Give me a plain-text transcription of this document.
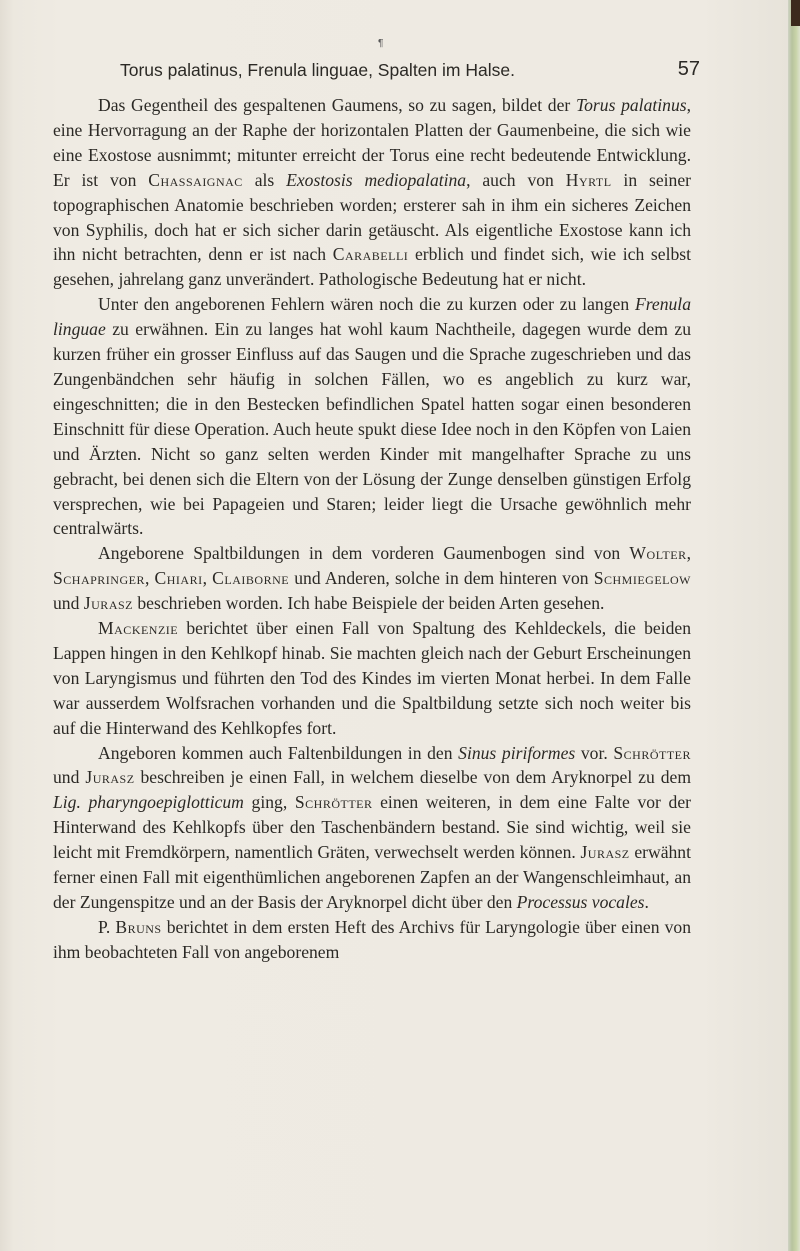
¶
Torus palatinus, Frenula linguae, Spalten im Halse.	57

Das Gegentheil des gespaltenen Gaumens, so zu sagen, bildet der Torus palatinus, eine Hervorragung an der Raphe der horizontalen Platten der Gaumenbeine, die sich wie eine Exostose ausnimmt; mitunter erreicht der Torus eine recht bedeutende Entwicklung. Er ist von Chassaignac als Exostosis mediopalatina, auch von Hyrtl in seiner topographischen Anatomie beschrieben worden; ersterer sah in ihm ein sicheres Zeichen von Syphilis, doch hat er sich sicher darin getäuscht. Als eigentliche Exostose kann ich ihn nicht betrachten, denn er ist nach Carabelli erblich und findet sich, wie ich selbst gesehen, jahrelang ganz unverändert. Pathologische Bedeutung hat er nicht.

Unter den angeborenen Fehlern wären noch die zu kurzen oder zu langen Frenula linguae zu erwähnen. Ein zu langes hat wohl kaum Nachtheile, dagegen wurde dem zu kurzen früher ein grosser Einfluss auf das Saugen und die Sprache zugeschrieben und das Zungenbändchen sehr häufig in solchen Fällen, wo es angeblich zu kurz war, eingeschnitten; die in den Bestecken befindlichen Spatel hatten sogar einen besonderen Einschnitt für diese Operation. Auch heute spukt diese Idee noch in den Köpfen von Laien und Ärzten. Nicht so ganz selten werden Kinder mit mangelhafter Sprache zu uns gebracht, bei denen sich die Eltern von der Lösung der Zunge denselben günstigen Erfolg versprechen, wie bei Papageien und Staren; leider liegt die Ursache gewöhnlich mehr centralwärts.

Angeborene Spaltbildungen in dem vorderen Gaumenbogen sind von Wolter, Schapringer, Chiari, Claiborne und Anderen, solche in dem hinteren von Schmiegelow und Jurasz beschrieben worden. Ich habe Beispiele der beiden Arten gesehen.

Mackenzie berichtet über einen Fall von Spaltung des Kehldeckels, die beiden Lappen hingen in den Kehlkopf hinab. Sie machten gleich nach der Geburt Erscheinungen von Laryngismus und führten den Tod des Kindes im vierten Monat herbei. In dem Falle war ausserdem Wolfsrachen vorhanden und die Spaltbildung setzte sich noch weiter bis auf die Hinterwand des Kehlkopfes fort.

Angeboren kommen auch Faltenbildungen in den Sinus piriformes vor. Schrötter und Jurasz beschreiben je einen Fall, in welchem dieselbe von dem Aryknorpel zu dem Lig. pharyngoepiglotticum ging, Schrötter einen weiteren, in dem eine Falte vor der Hinterwand des Kehlkopfs über den Taschenbändern bestand. Sie sind wichtig, weil sie leicht mit Fremdkörpern, namentlich Gräten, verwechselt werden können. Jurasz erwähnt ferner einen Fall mit eigenthümlichen angeborenen Zapfen an der Wangenschleimhaut, an der Zungenspitze und an der Basis der Aryknorpel dicht über den Processus vocales.

P. Bruns berichtet in dem ersten Heft des Archivs für Laryngologie über einen von ihm beobachteten Fall von angeborenem
